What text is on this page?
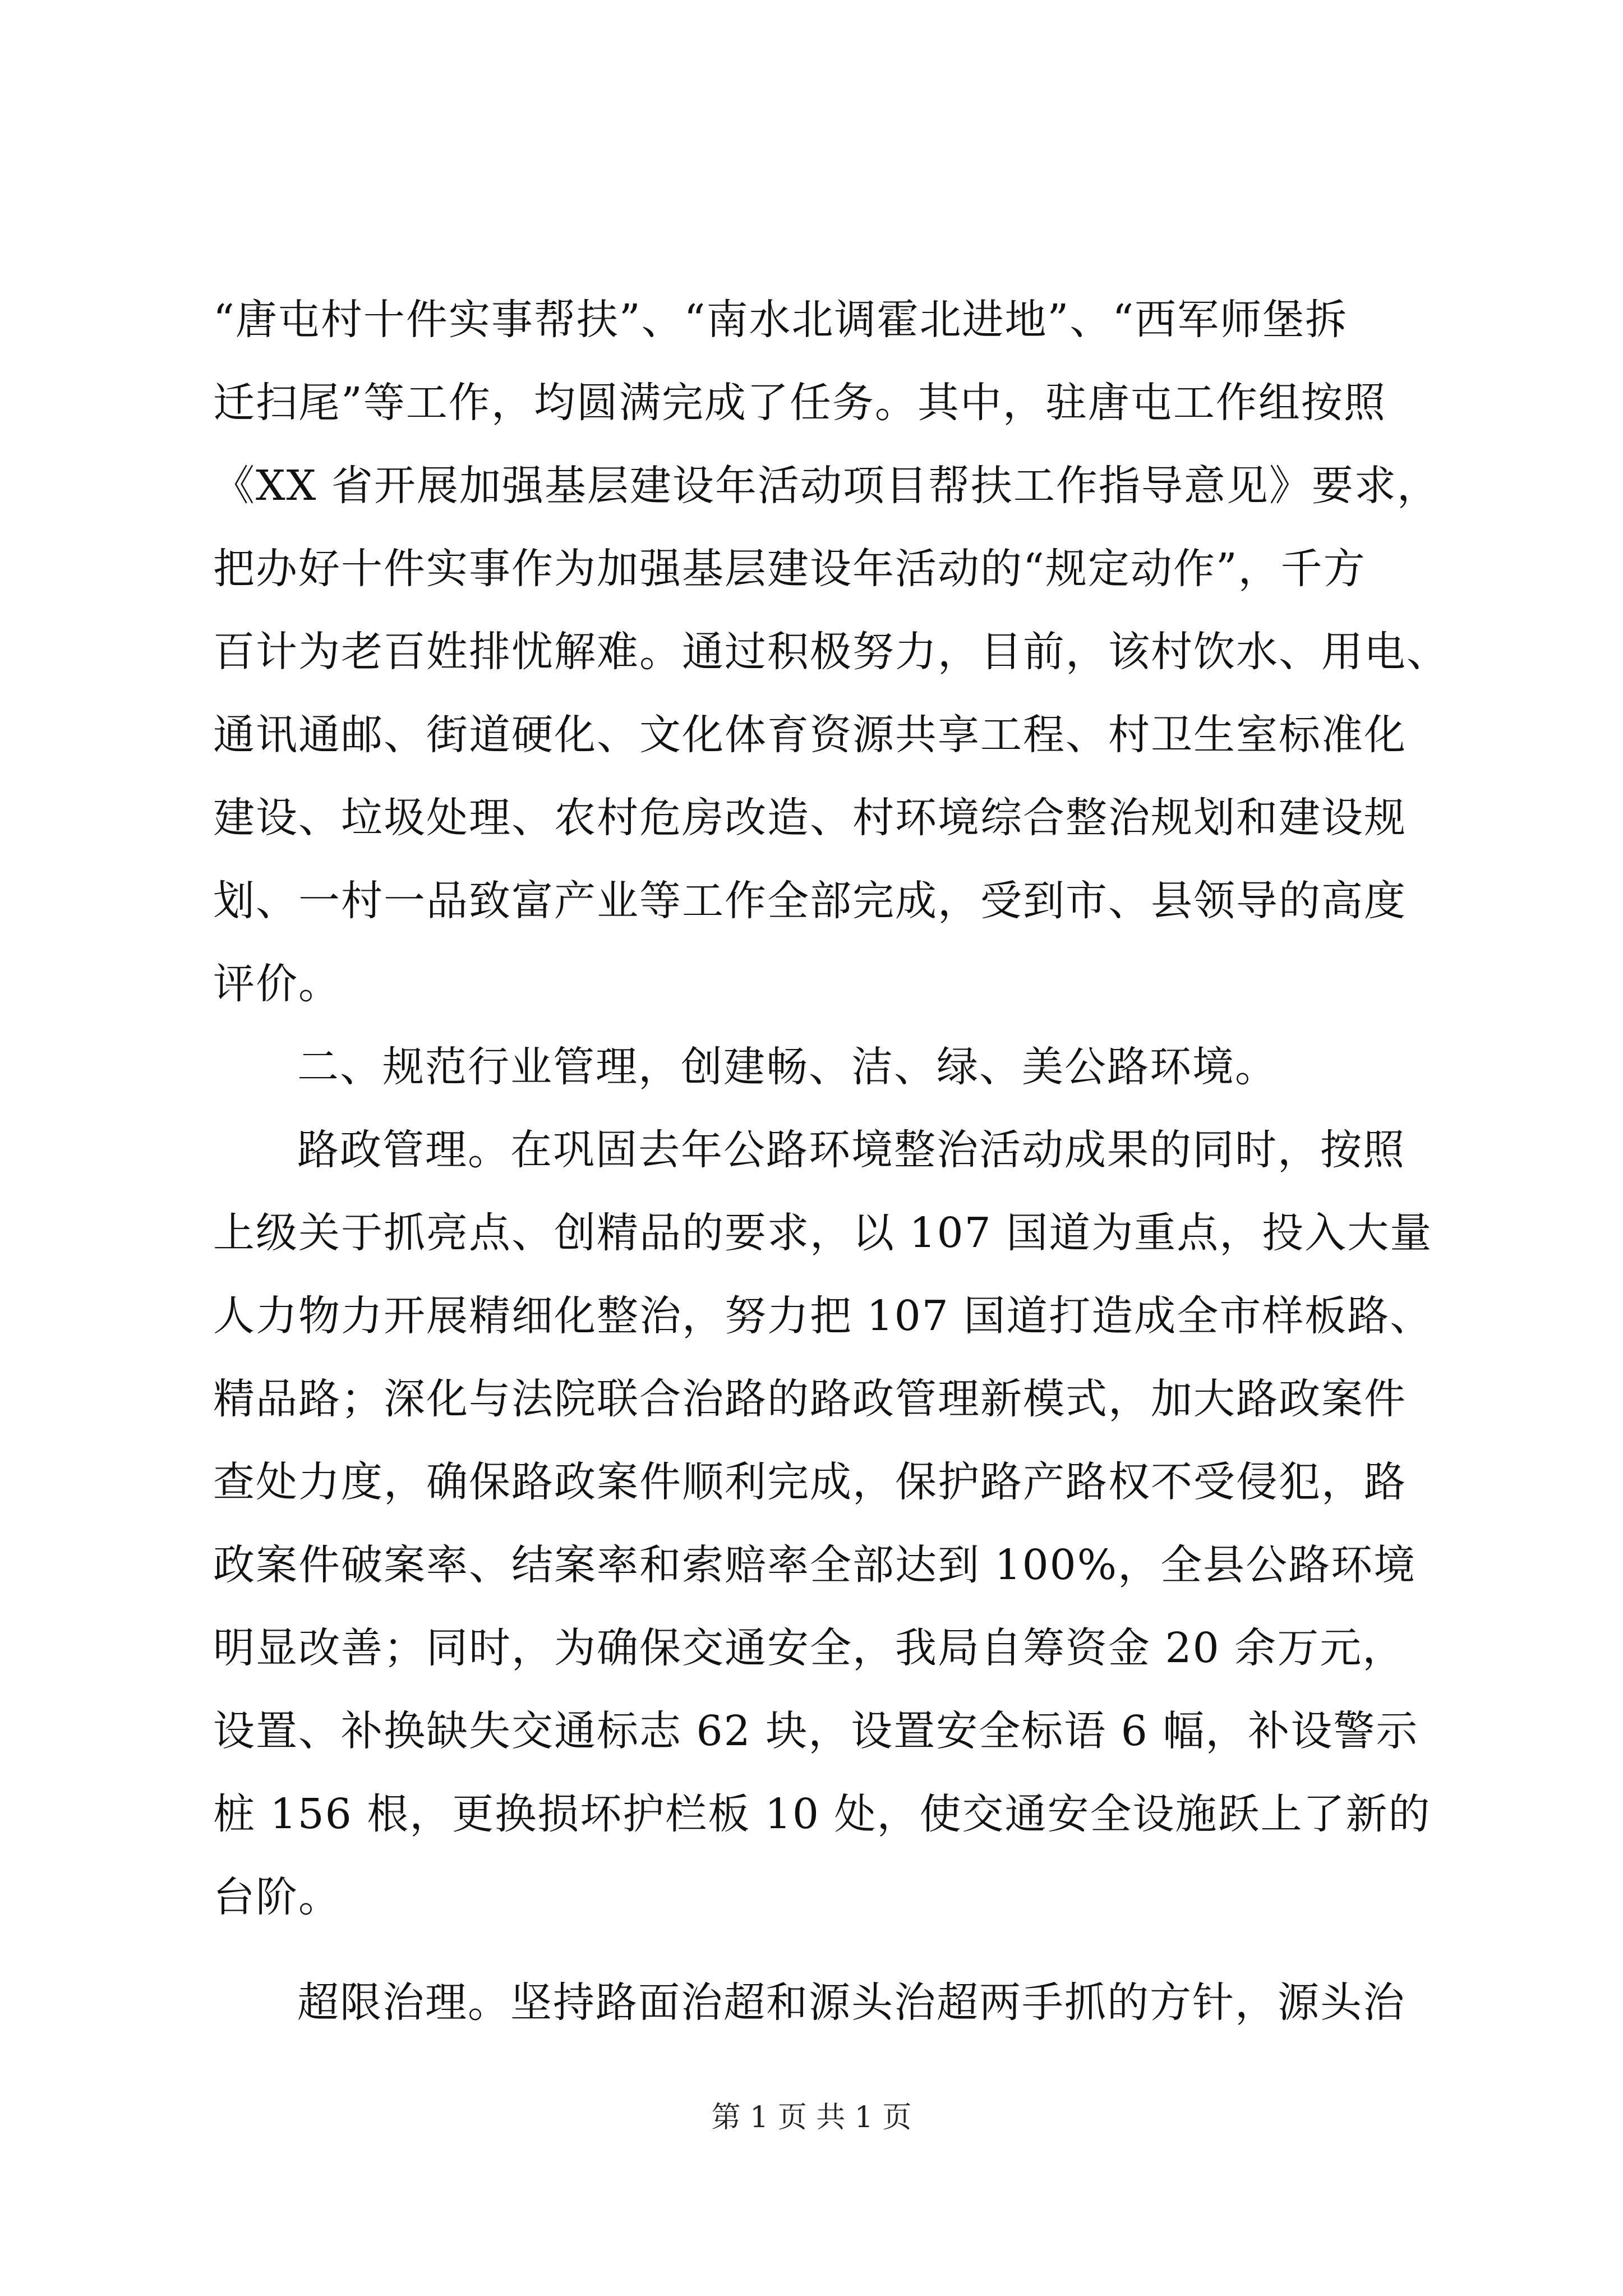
“唐屯村十件实事帮扶”、“南水北调霍北进地”、“西军师堡拆
迁扫尾”等工作，均圆满完成了任务。其中，驻唐屯工作组按照
《XX 省开展加强基层建设年活动项目帮扶工作指导意见》要求，
把办好十件实事作为加强基层建设年活动的“规定动作”，千方
百计为老百姓排忧解难。通过积极努力，目前，该村饮水、用电、
通讯通邮、街道硬化、文化体育资源共享工程、村卫生室标准化
建设、垃圾处理、农村危房改造、村环境综合整治规划和建设规
划、一村一品致富产业等工作全部完成，受到市、县领导的高度
评价。
二、规范行业管理，创建畅、洁、绿、美公路环境。
路政管理。在巩固去年公路环境整治活动成果的同时，按照
上级关于抓亮点、创精品的要求，以 107 国道为重点，投入大量
人力物力开展精细化整治，努力把 107 国道打造成全市样板路、
精品路；深化与法院联合治路的路政管理新模式，加大路政案件
查处力度，确保路政案件顺利完成，保护路产路权不受侵犯，路
政案件破案率、结案率和索赔率全部达到 100%，全县公路环境
明显改善；同时，为确保交通安全，我局自筹资金 20 余万元，
设置、补换缺失交通标志 62 块，设置安全标语 6 幅，补设警示
桩 156 根，更换损坏护栏板 10 处，使交通安全设施跃上了新的
台阶。
超限治理。坚持路面治超和源头治超两手抓的方针，源头治
第 1 页 共 1 页
